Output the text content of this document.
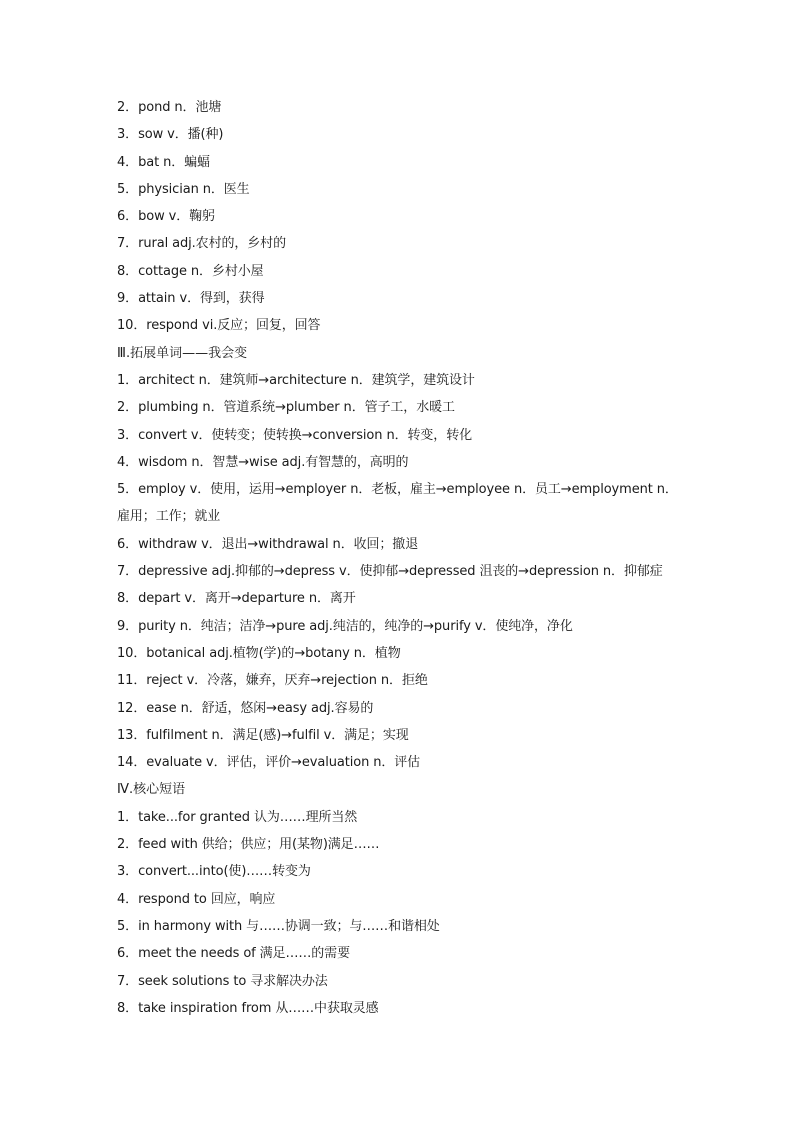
2．pond n．池塘
3．sow v．播(种)
4．bat n．蝙蝠
5．physician n．医生
6．bow v．鞠躬
7．rural adj.农村的，乡村的
8．cottage n．乡村小屋
9．attain v．得到，获得
10．respond vi.反应；回复，回答
Ⅲ.拓展单词——我会变
1．architect n．建筑师→architecture n．建筑学，建筑设计
2．plumbing n．管道系统→plumber n．管子工，水暖工
3．convert v．使转变；使转换→conversion n．转变，转化
4．wisdom n．智慧→wise adj.有智慧的，高明的
5．employ v．使用，运用→employer n．老板，雇主→employee n．员工→employment n．雇用；工作；就业
6．withdraw v．退出→withdrawal n．收回；撤退
7．depressive adj.抑郁的→depress v．使抑郁→depressed 沮丧的→depression n．抑郁症
8．depart v．离开→departure n．离开
9．purity n．纯洁；洁净→pure adj.纯洁的，纯净的→purify v．使纯净，净化
10．botanical adj.植物(学)的→botany n．植物
11．reject v．冷落，嫌弃，厌弃→rejection n．拒绝
12．ease n．舒适，悠闲→easy adj.容易的
13．fulfilment n．满足(感)→fulfil v．满足；实现
14．evaluate v．评估，评价→evaluation n．评估
Ⅳ.核心短语
1．take...for granted 认为……理所当然
2．feed with 供给；供应；用(某物)满足……
3．convert...into(使)……转变为
4．respond to 回应，响应
5．in harmony with 与……协调一致；与……和谐相处
6．meet the needs of 满足……的需要
7．seek solutions to 寻求解决办法
8．take inspiration from 从……中获取灵感
